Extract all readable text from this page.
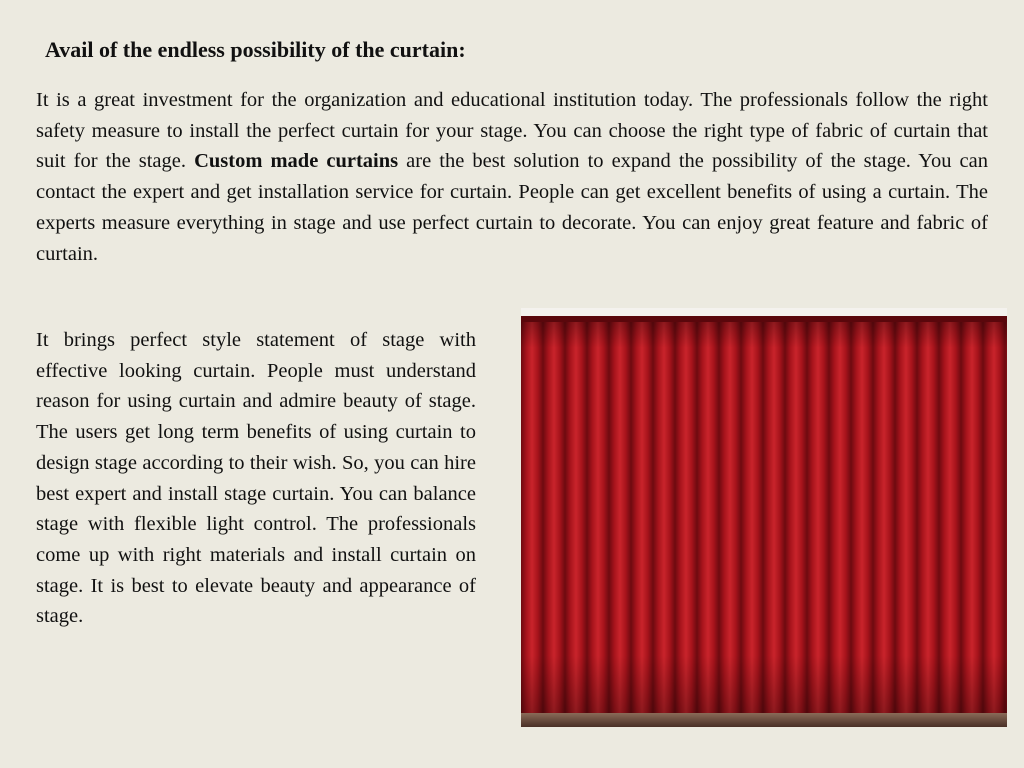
Avail of the endless possibility of the curtain:

It is a great investment for the organization and educational institution today. The professionals follow the right safety measure to install the perfect curtain for your stage. You can choose the right type of fabric of curtain that suit for the stage. Custom made curtains are the best solution to expand the possibility of the stage. You can contact the expert and get installation service for curtain. People can get excellent benefits of using a curtain. The experts measure everything in stage and use perfect curtain to decorate. You can enjoy great feature and fabric of curtain.

It brings perfect style statement of stage with effective looking curtain. People must understand reason for using curtain and admire beauty of stage. The users get long term benefits of using curtain to design stage according to their wish. So, you can hire best expert and install stage curtain. You can balance stage with flexible light control. The professionals come up with right materials and install curtain on stage. It is best to elevate beauty and appearance of stage.
